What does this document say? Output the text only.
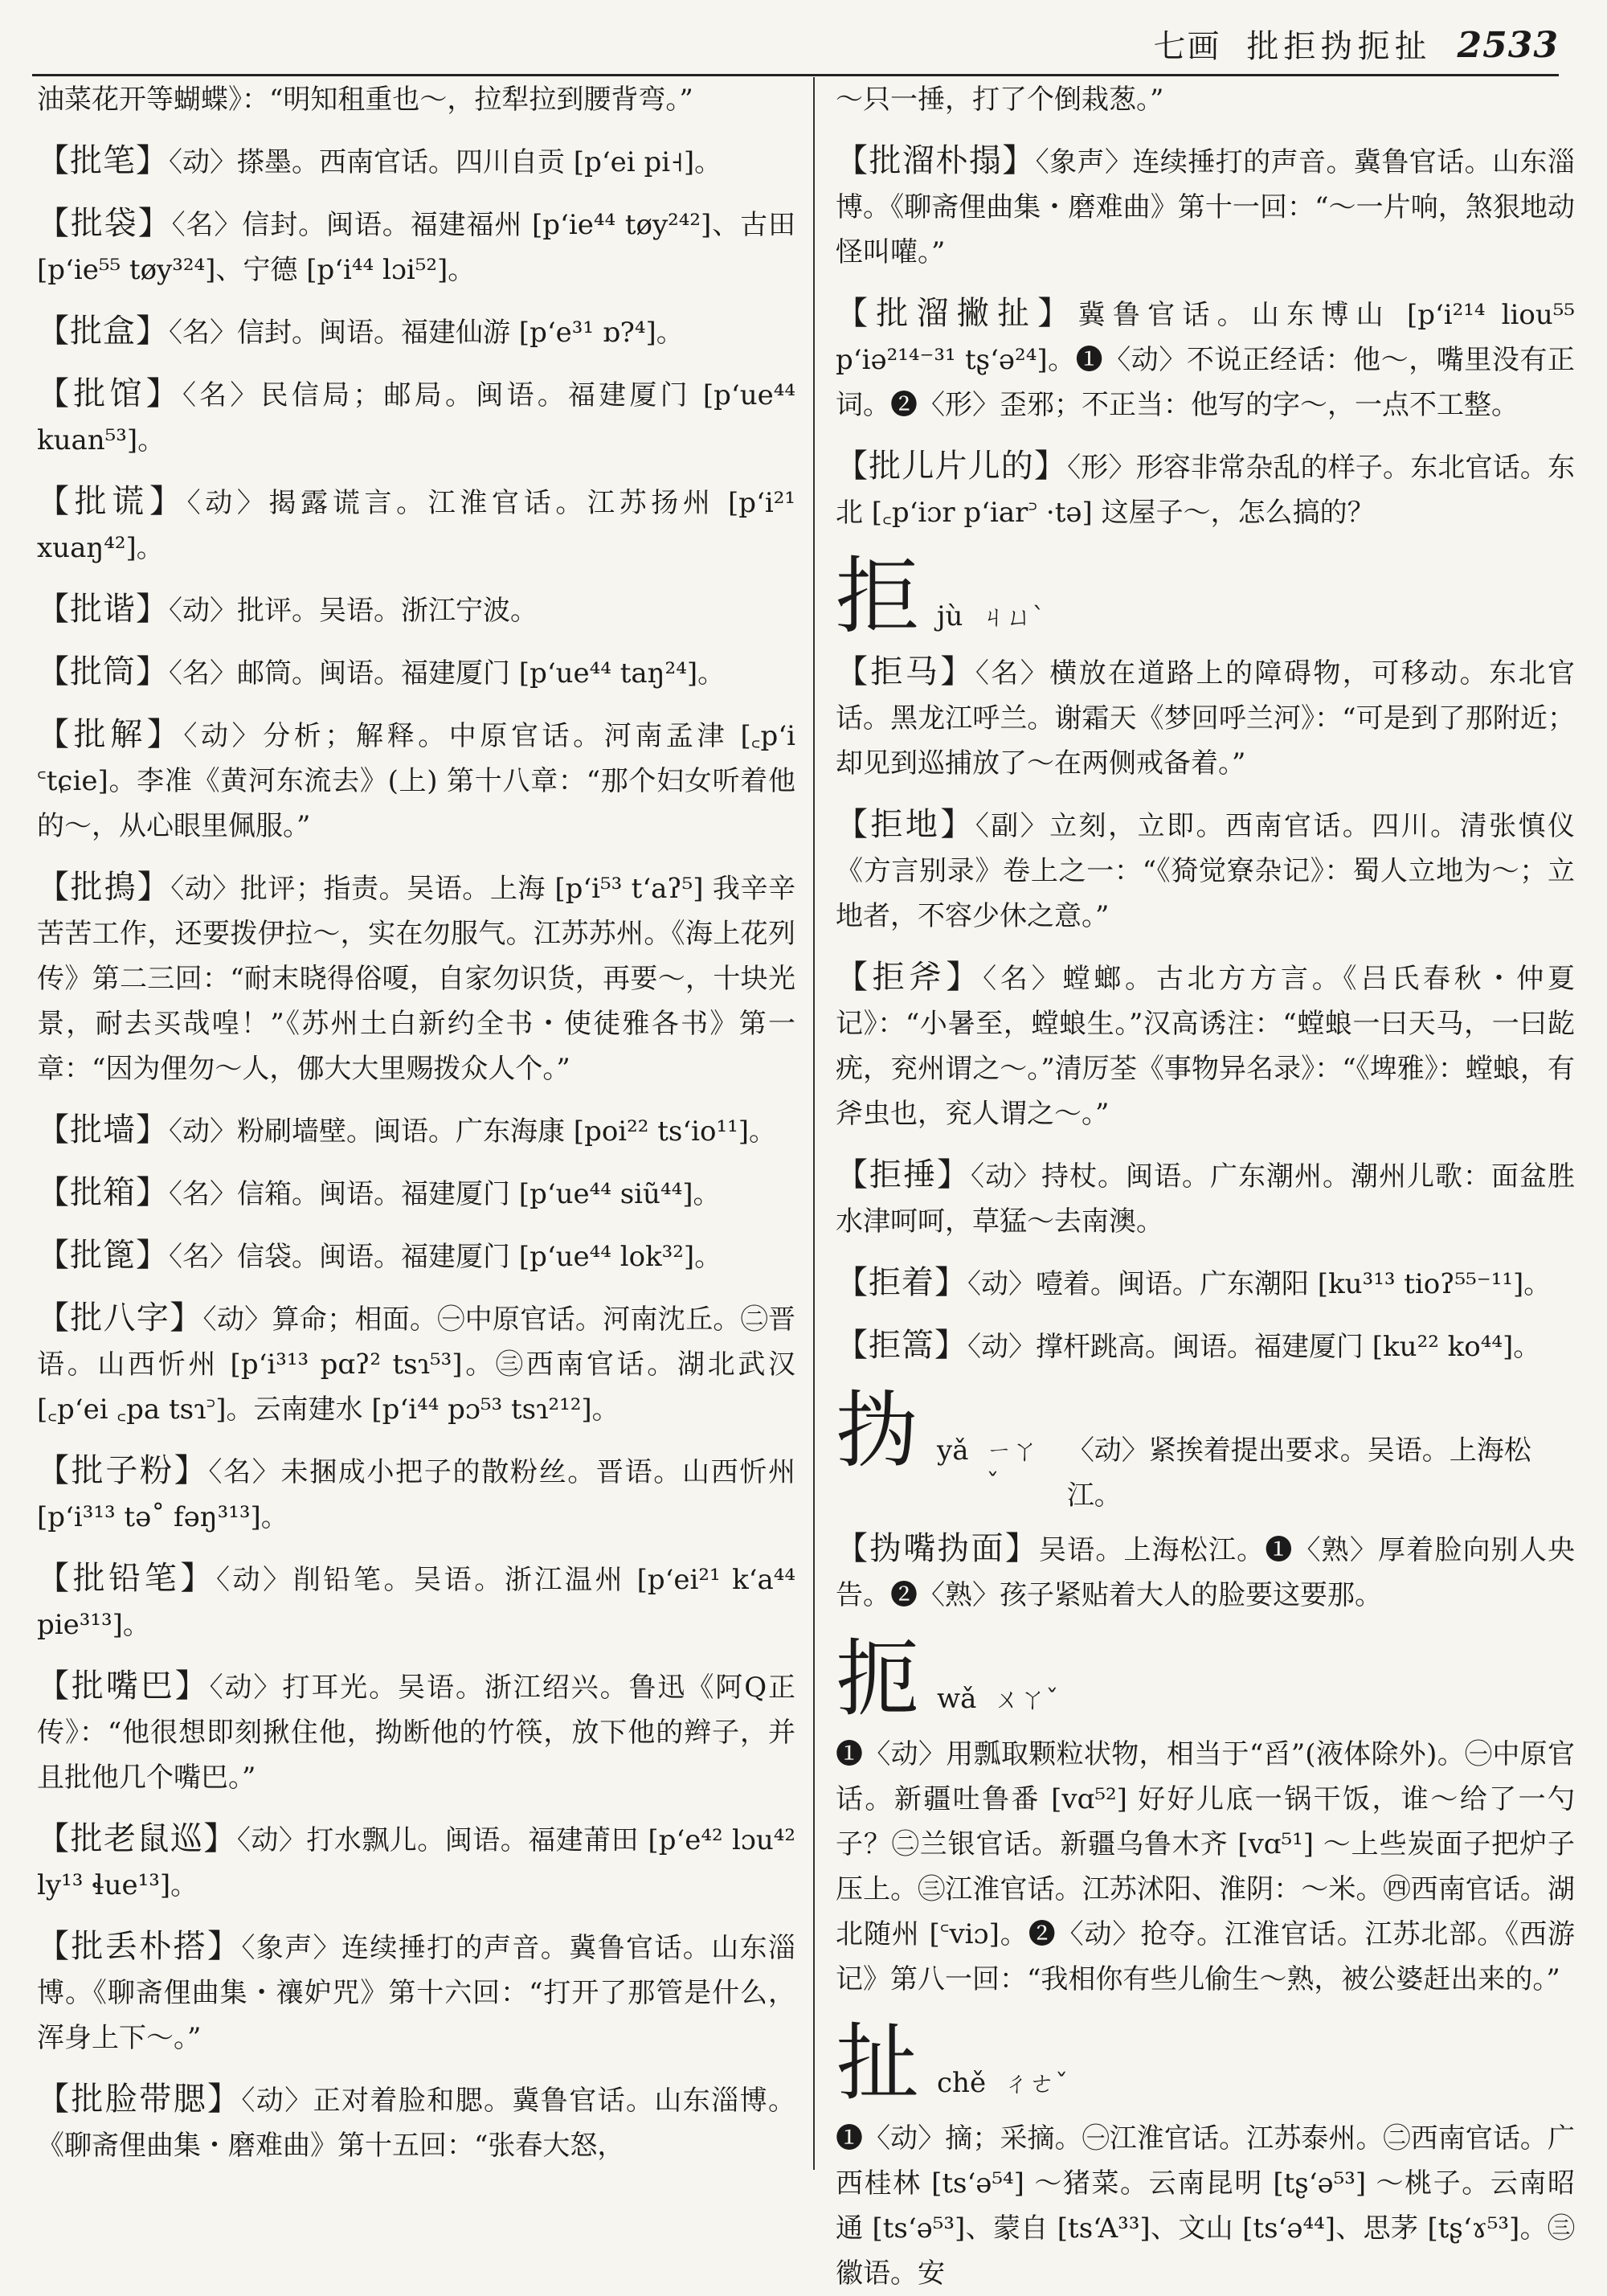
七画 批拒㧑扼扯 2533

油菜花开等蝴蝶》：“明知租重也～，拉犁拉到腰背弯。”

【批笔】〈动〉搽墨。西南官话。四川自贡 [p‘ei pi˧]。

【批袋】〈名〉信封。闽语。福建福州 [p‘ie⁴⁴ tøy²⁴²]、古田 [p‘ie⁵⁵ tøy³²⁴]、宁德 [p‘i⁴⁴ lɔi⁵²]。

【批盒】〈名〉信封。闽语。福建仙游 [p‘e³¹ ɒ?⁴]。

【批馆】〈名〉民信局；邮局。闽语。福建厦门 [p‘ue⁴⁴ kuan⁵³]。

【批谎】〈动〉揭露谎言。江淮官话。江苏扬州 [p‘i²¹ xuaŋ⁴²]。

【批谐】〈动〉批评。吴语。浙江宁波。

【批筒】〈名〉邮筒。闽语。福建厦门 [p‘ue⁴⁴ taŋ²⁴]。

【批解】〈动〉分析；解释。中原官话。河南孟津 [꜀p‘i ꜂tɕie]。李准《黄河东流去》(上) 第十八章：“那个妇女听着他的～，从心眼里佩服。”

【批㨶】〈动〉批评；指责。吴语。上海 [p‘i⁵³ t‘aʔ⁵] 我辛辛苦苦工作，还要拨伊拉～，实在勿服气。江苏苏州。《海上花列传》第二三回：“耐末晓得俗嗄，自家勿识货，再要～，十块光景，耐去买哉喤！”《苏州土白新约全书・使徒雅各书》第一章：“因为俚勿～人，㑚大大里赐拨众人个。”

【批墙】〈动〉粉刷墙壁。闽语。广东海康 [poi²² ts‘io¹¹]。

【批箱】〈名〉信箱。闽语。福建厦门 [p‘ue⁴⁴ siũ⁴⁴]。

【批篦】〈名〉信袋。闽语。福建厦门 [p‘ue⁴⁴ lok³²]。

【批八字】〈动〉算命；相面。㊀中原官话。河南沈丘。㊁晋语。山西忻州 [p‘i³¹³ pɑʔ² tsɿ⁵³]。㊂西南官话。湖北武汉 [꜀p‘ei ꜀pa tsɿ꜄]。云南建水 [p‘i⁴⁴ pɔ⁵³ tsɿ²¹²]。

【批子粉】〈名〉未捆成小把子的散粉丝。晋语。山西忻州 [p‘i³¹³ tə˚ fəŋ³¹³]。

【批铅笔】〈动〉削铅笔。吴语。浙江温州 [p‘ei²¹ k‘a⁴⁴ pie³¹³]。

【批嘴巴】〈动〉打耳光。吴语。浙江绍兴。鲁迅《阿Q正传》：“他很想即刻揪住他，拗断他的竹筷，放下他的辫子，并且批他几个嘴巴。”

【批老鼠巡】〈动〉打水飘儿。闽语。福建莆田 [p‘e⁴² lɔu⁴² ly¹³ ɬue¹³]。

【批丢朴搭】〈象声〉连续捶打的声音。冀鲁官话。山东淄博。《聊斋俚曲集・禳妒咒》第十六回：“打开了那管是什么，浑身上下～。”

【批脸带腮】〈动〉正对着脸和腮。冀鲁官话。山东淄博。《聊斋俚曲集・磨难曲》第十五回：“张春大怒，

～只一捶，打了个倒栽葱。”

【批溜朴搨】〈象声〉连续捶打的声音。冀鲁官话。山东淄博。《聊斋俚曲集・磨难曲》第十一回：“～一片响，煞狠地动怪叫嚾。”

【批溜撇扯】冀鲁官话。山东博山 [p‘i²¹⁴ liou⁵⁵ p‘iə²¹⁴⁻³¹ tʂ‘ə²⁴]。❶〈动〉不说正经话：他～，嘴里没有正词。❷〈形〉歪邪；不正当：他写的字～，一点不工整。

【批儿片儿的】〈形〉形容非常杂乱的样子。东北官话。东北 [꜀p‘iɔr p‘iar꜄ ·tə] 这屋子～，怎么搞的？

拒 jù ㄐㄩˋ

【拒马】〈名〉横放在道路上的障碍物，可移动。东北官话。黑龙江呼兰。谢霜天《梦回呼兰河》：“可是到了那附近；却见到巡捕放了～在两侧戒备着。”

【拒地】〈副〉立刻，立即。西南官话。四川。清张慎仪《方言别录》卷上之一：“《猗觉寮杂记》：蜀人立地为～；立地者，不容少休之意。”

【拒斧】〈名〉螳螂。古北方方言。《吕氏春秋・仲夏记》：“小暑至，螳蜋生。”汉高诱注：“螳蜋一曰天马，一曰龁疣，兖州谓之～。”清厉荃《事物异名录》：“《埤雅》：螳蜋，有斧虫也，兖人谓之～。”

【拒捶】〈动〉持杖。闽语。广东潮州。潮州儿歌：面盆胜水津呵呵，草猛～去南澳。

【拒着】〈动〉噎着。闽语。广东潮阳 [ku³¹³ tioʔ⁵⁵⁻¹¹]。

【拒篙】〈动〉撑杆跳高。闽语。福建厦门 [ku²² ko⁴⁴]。

㧑 yǎ ㄧㄚˇ
〈动〉紧挨着提出要求。吴语。上海松江。

【㧑嘴㧑面】吴语。上海松江。❶〈熟〉厚着脸向别人央告。❷〈熟〉孩子紧贴着大人的脸要这要那。

扼 wǎ ㄨㄚˇ

❶〈动〉用瓢取颗粒状物，相当于“舀”(液体除外)。㊀中原官话。新疆吐鲁番 [vɑ⁵²] 好好儿底一锅干饭，谁～给了一勺子？㊁兰银官话。新疆乌鲁木齐 [vɑ⁵¹] ～上些炭面子把炉子压上。㊂江淮官话。江苏沭阳、淮阴：～米。㊃西南官话。湖北随州 [꜂viɔ]。❷〈动〉抢夺。江淮官话。江苏北部。《西游记》第八一回：“我相你有些儿偷生～熟，被公婆赶出来的。”

扯 chě ㄔㄜˇ

❶〈动〉摘；采摘。㊀江淮官话。江苏泰州。㊁西南官话。广西桂林 [ts‘ə⁵⁴] ～猪菜。云南昆明 [tʂ‘ə⁵³] ～桃子。云南昭通 [ts‘ə⁵³]、蒙自 [ts‘A³³]、文山 [ts‘ə⁴⁴]、思茅 [tʂ‘ɤ⁵³]。㊂徽语。安
